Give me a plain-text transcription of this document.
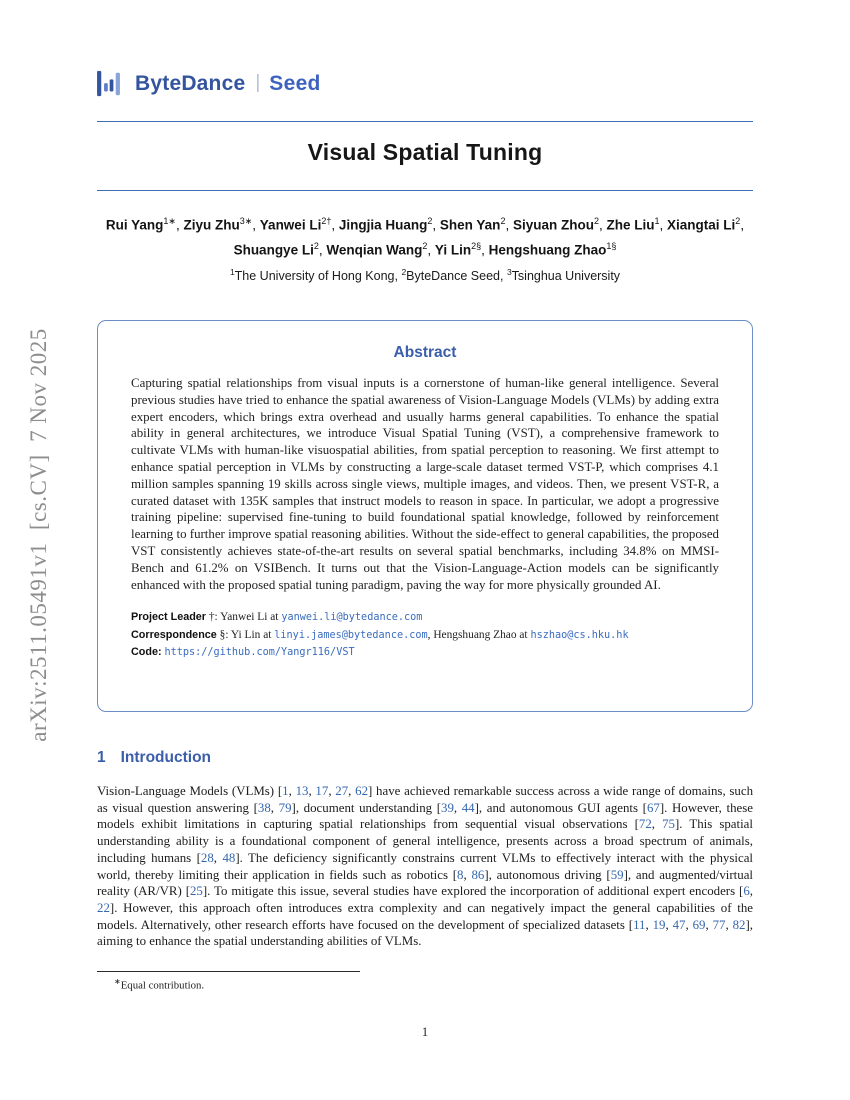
arXiv:2511.05491v1  [cs.CV]  7 Nov 2025
ByteDance | Seed
Visual Spatial Tuning
Rui Yang$^{1∗}$, Ziyu Zhu$^{3∗}$, Yanwei $Li^{2\dagger}$, Jingjia Huang$^2$, Shen Yan$^2$, Siyuan Zhou$^2$, Zhe Liu$^1$, Xiangtai Li$^2$, Shuangye Li$^2$, Wenqian Wang$^2$, Yi Lin$^{2\S}$, Hengshuang Zhao$^{1\S}$
$^1$The University of Hong Kong, $^2$ByteDance Seed, $^3$Tsinghua University
Abstract

Capturing spatial relationships from visual inputs is a cornerstone of human-like general intelligence. Several previous studies have tried to enhance the spatial awareness of Vision-Language Models (VLMs) by adding extra expert encoders, which brings extra overhead and usually harms general capabilities. To enhance the spatial ability in general architectures, we introduce Visual Spatial Tuning (VST), a comprehensive framework to cultivate VLMs with human-like visuospatial abilities, from spatial perception to reasoning. We first attempt to enhance spatial perception in VLMs by constructing a large-scale dataset termed VST-P, which comprises 4.1 million samples spanning 19 skills across single views, multiple images, and videos. Then, we present VST-R, a curated dataset with 135K samples that instruct models to reason in space. In particular, we adopt a progressive training pipeline: supervised fine-tuning to build foundational spatial knowledge, followed by reinforcement learning to further improve spatial reasoning abilities. Without the side-effect to general capabilities, the proposed VST consistently achieves state-of-the-art results on several spatial benchmarks, including 34.8% on MMSI-Bench and 61.2% on VSIBench. It turns out that the Vision-Language-Action models can be significantly enhanced with the proposed spatial tuning paradigm, paving the way for more physically grounded AI.

Project Leader †: Yanwei Li at yanwei.li@bytedance.com
Correspondence §: Yi Lin at linyi.james@bytedance.com, Hengshuang Zhao at hszhao@cs.hku.hk
Code: https://github.com/Yangr116/VST
1 Introduction

Vision-Language Models (VLMs) [1, 13, 17, 27, 62] have achieved remarkable success across a wide range of domains, such as visual question answering [38, 79], document understanding [39, 44], and autonomous GUI agents [67]. However, these models exhibit limitations in capturing spatial relationships from sequential visual observations [72, 75]. This spatial understanding ability is a foundational component of general intelligence, presents across a broad spectrum of animals, including humans [28, 48]. The deficiency significantly constrains current VLMs to effectively interact with the physical world, thereby limiting their application in fields such as robotics [8, 86], autonomous driving [59], and augmented/virtual reality (AR/VR) [25]. To mitigate this issue, several studies have explored the incorporation of additional expert encoders [6, 22]. However, this approach often introduces extra complexity and can negatively impact the general capabilities of the models. Alternatively, other research efforts have focused on the development of specialized datasets [11, 19, 47, 69, 77, 82], aiming to enhance the spatial understanding abilities of VLMs.

∗Equal contribution.
1
